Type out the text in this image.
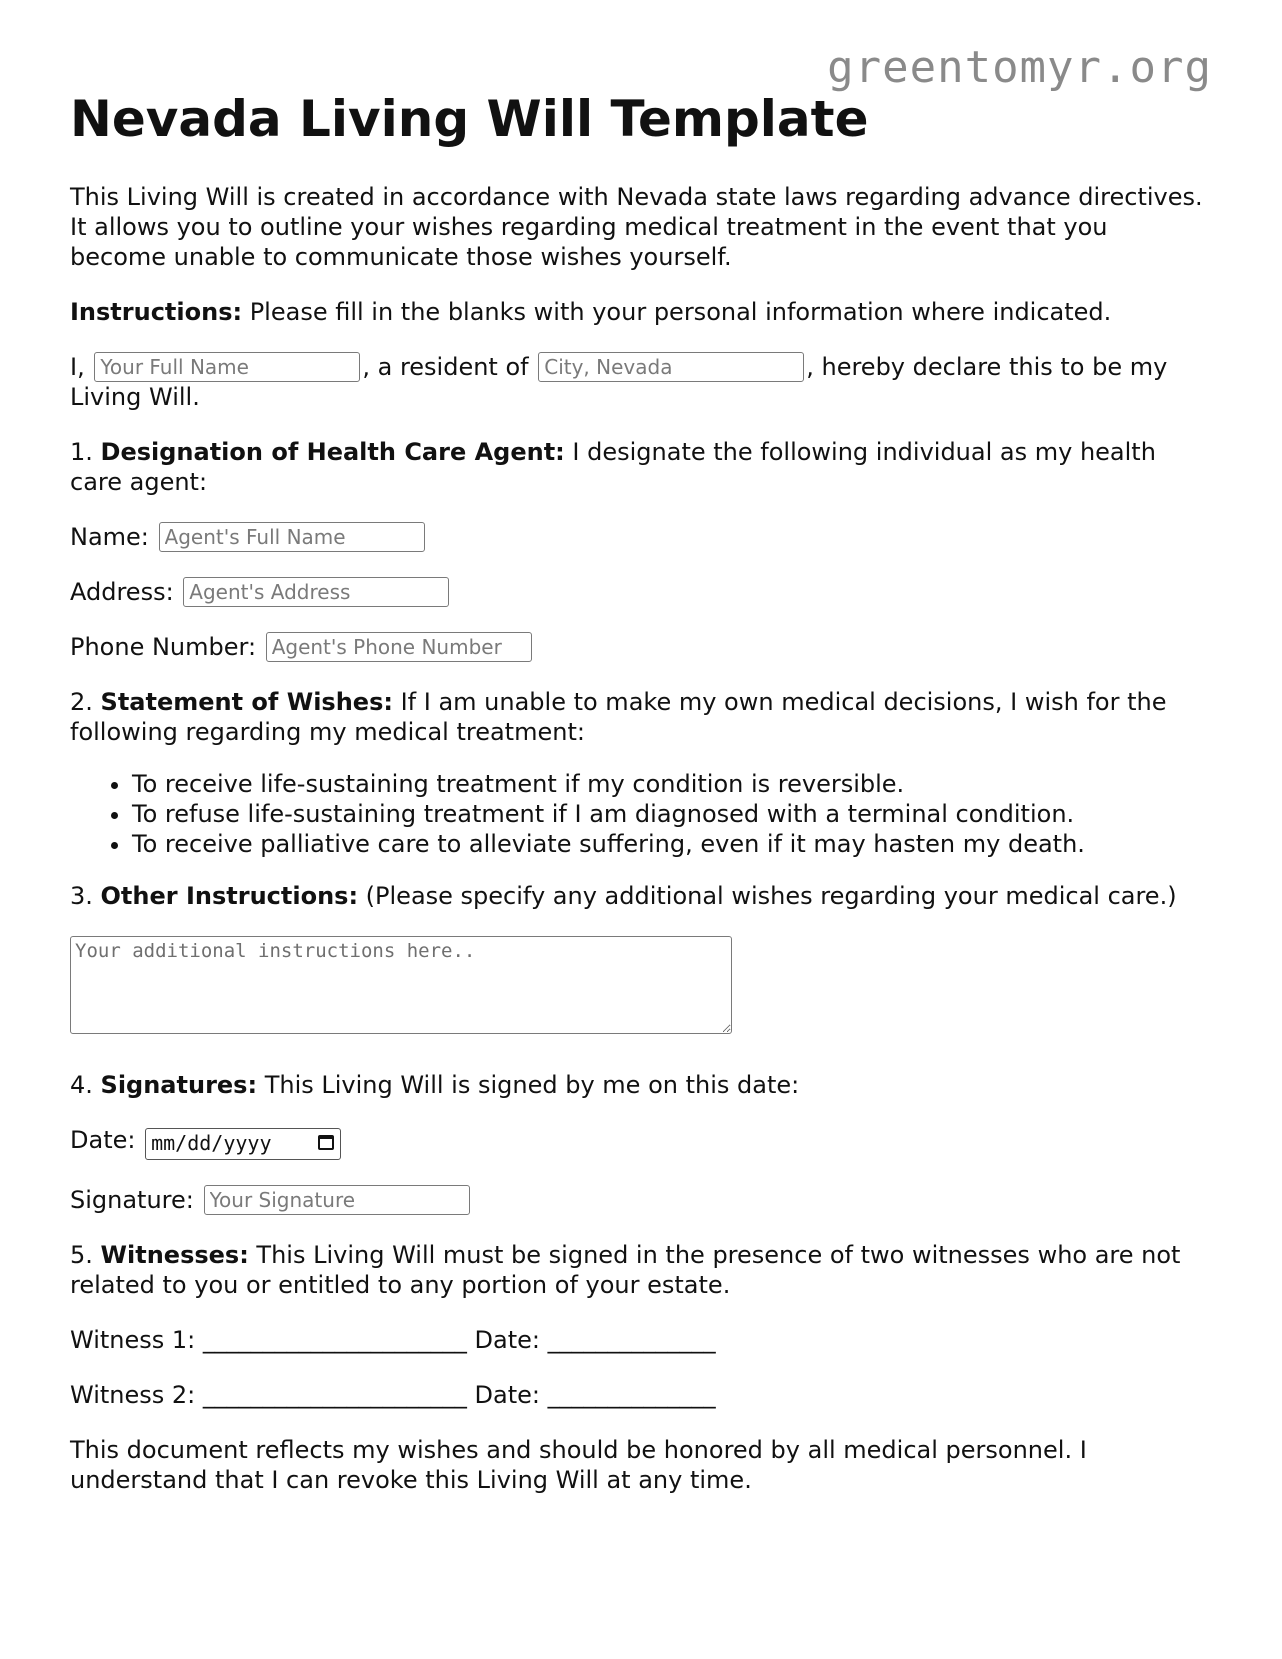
greentomyr.org
Nevada Living Will Template

This Living Will is created in accordance with Nevada state laws regarding advance directives. It allows you to outline your wishes regarding medical treatment in the event that you become unable to communicate those wishes yourself.

Instructions: Please fill in the blanks with your personal information where indicated.

I, Your Full Name	, a resident of City, Nevada	, hereby declare this to be my Living Will.

1. Designation of Health Care Agent: I designate the following individual as my health care agent:

Name: Agent's Full Name

Address: Agent's Address

Phone Number: Agent's Phone Number

2. Statement of Wishes: If I am unable to make my own medical decisions, I wish for the following regarding my medical treatment:

• To receive life-sustaining treatment if my condition is reversible.
• To refuse life-sustaining treatment if I am diagnosed with a terminal condition.
• To receive palliative care to alleviate suffering, even if it may hasten my death.

3. Other Instructions: (Please specify any additional wishes regarding your medical care.)

Your additional instructions here..

4. Signatures: This Living Will is signed by me on this date:

Date: mm/dd/yyyy

Signature: Your Signature

5. Witnesses: This Living Will must be signed in the presence of two witnesses who are not related to you or entitled to any portion of your estate.

Witness 1: ______________________ Date: ______________

Witness 2: ______________________ Date: ______________

This document reflects my wishes and should be honored by all medical personnel. I understand that I can revoke this Living Will at any time.
